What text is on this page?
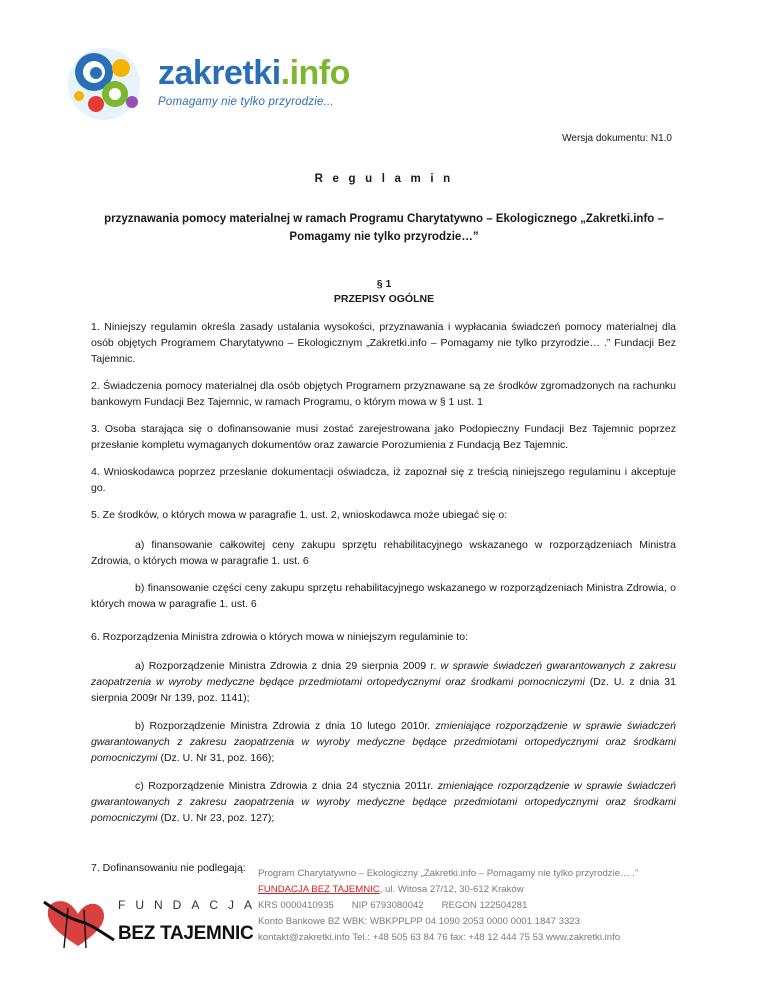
zakretki.info
Pomagamy nie tylko przyrodzie...
Wersja dokumentu: N1.0
R e g u l a m i n
przyznawania pomocy materialnej w ramach Programu Charytatywno – Ekologicznego „Zakretki.info – Pomagamy nie tylko przyrodzie…”
§ 1
PRZEPISY OGÓLNE

1. Niniejszy regulamin określa zasady ustalania wysokości, przyznawania i wypłacania świadczeń pomocy materialnej dla osób objętych Programem Charytatywno – Ekologicznym „Zakretki.info – Pomagamy nie tylko przyrodzie… .” Fundacji Bez Tajemnic.

2. Świadczenia pomocy materialnej dla osób objętych Programem przyznawane są ze środków zgromadzonych na rachunku bankowym Fundacji Bez Tajemnic, w ramach Programu, o którym mowa w § 1 ust. 1

3. Osoba starająca się o dofinansowanie musi zostać zarejestrowana jako Podopieczny Fundacji Bez Tajemnic poprzez przesłanie kompletu wymaganych dokumentów oraz zawarcie Porozumienia z Fundacją Bez Tajemnic.

4. Wnioskodawca poprzez przesłanie dokumentacji oświadcza, iż zapoznał się z treścią niniejszego regulaminu i akceptuje go.

5. Ze środków, o których mowa w paragrafie 1. ust. 2, wnioskodawca może ubiegać się o:

a) finansowanie całkowitej ceny zakupu sprzętu rehabilitacyjnego wskazanego w rozporządzeniach Ministra Zdrowia, o których mowa w paragrafie 1. ust. 6

b) finansowanie części ceny zakupu sprzętu rehabilitacyjnego wskazanego w rozporządzeniach Ministra Zdrowia, o których mowa w paragrafie 1. ust. 6

6. Rozporządzenia Ministra zdrowia o których mowa w niniejszym regulaminie to:

a) Rozporządzenie Ministra Zdrowia z dnia 29 sierpnia 2009 r. w sprawie świadczeń gwarantowanych z zakresu zaopatrzenia w wyroby medyczne będące przedmiotami ortopedycznymi oraz środkami pomocniczymi (Dz. U. z dnia 31 sierpnia 2009r Nr 139, poz. 1141);

b) Rozporządzenie Ministra Zdrowia z dnia 10 lutego 2010r. zmieniające rozporządzenie w sprawie świadczeń gwarantowanych z zakresu zaopatrzenia w wyroby medyczne będące przedmiotami ortopedycznymi oraz środkami pomocniczymi (Dz. U. Nr 31, poz. 166);

c) Rozporządzenie Ministra Zdrowia z dnia 24 stycznia 2011r. zmieniające rozporządzenie w sprawie świadczeń gwarantowanych z zakresu zaopatrzenia w wyroby medyczne będące przedmiotami ortopedycznymi oraz środkami pomocniczymi (Dz. U. Nr 23, poz. 127);

7. Dofinansowaniu nie podlegają:

FUNDACJA
BEZ TAJEMNIC
Program Charytatywno – Ekologiczny „Zakretki.info – Pomagamy nie tylko przyrodzie… .”
FUNDACJA BEZ TAJEMNIC, ul. Witosa 27/12, 30-612 Kraków
KRS 0000410935 NIP 6793080042 REGON 122504281
Konto Bankowe BZ WBK: WBKPPLPP 04 1090 2053 0000 0001 1847 3323
kontakt@zakretki.info Tel.: +48 505 63 84 76 fax: +48 12 444 75 53 www.zakretki.info
